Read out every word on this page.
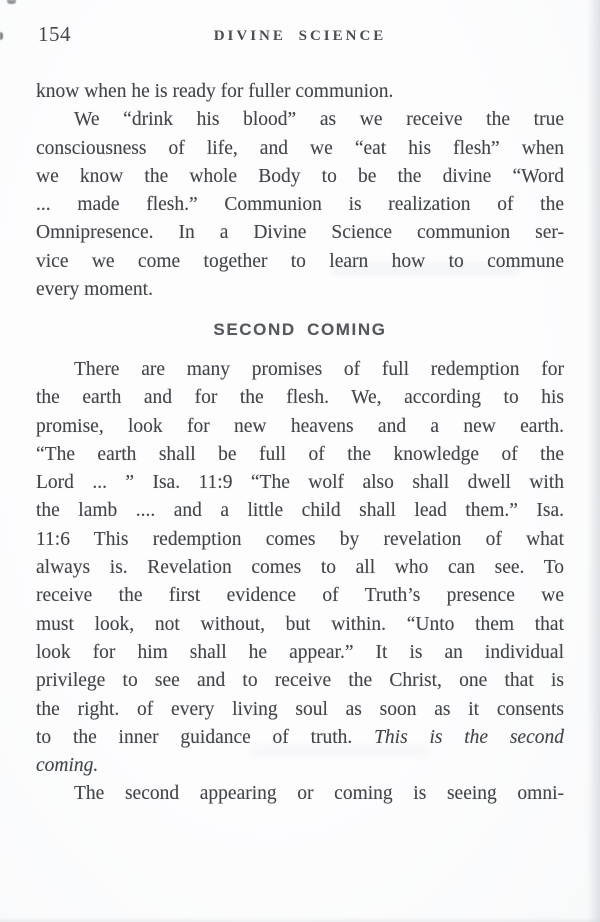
154	DIVINE SCIENCE
know when he is ready for fuller communion.
We “drink his blood” as we receive the true
consciousness of life, and we “eat his flesh” when
we know the whole Body to be the divine “Word
... made flesh.” Communion is realization of the
Omnipresence. In a Divine Science communion ser-
vice we come together to learn how to commune
every moment.
SECOND COMING
There are many promises of full redemption for
the earth and for the flesh. We, according to his
promise, look for new heavens and a new earth.
“The earth shall be full of the knowledge of the
Lord ... ” Isa. 11:9 “The wolf also shall dwell with
the lamb .... and a little child shall lead them.” Isa.
11:6 This redemption comes by revelation of what
always is. Revelation comes to all who can see. To
receive the first evidence of Truth’s presence we
must look, not without, but within. “Unto them that
look for him shall he appear.” It is an individual
privilege to see and to receive the Christ, one that is
the right. of every living soul as soon as it consents
to the inner guidance of truth. This is the second
coming.
The second appearing or coming is seeing omni-
